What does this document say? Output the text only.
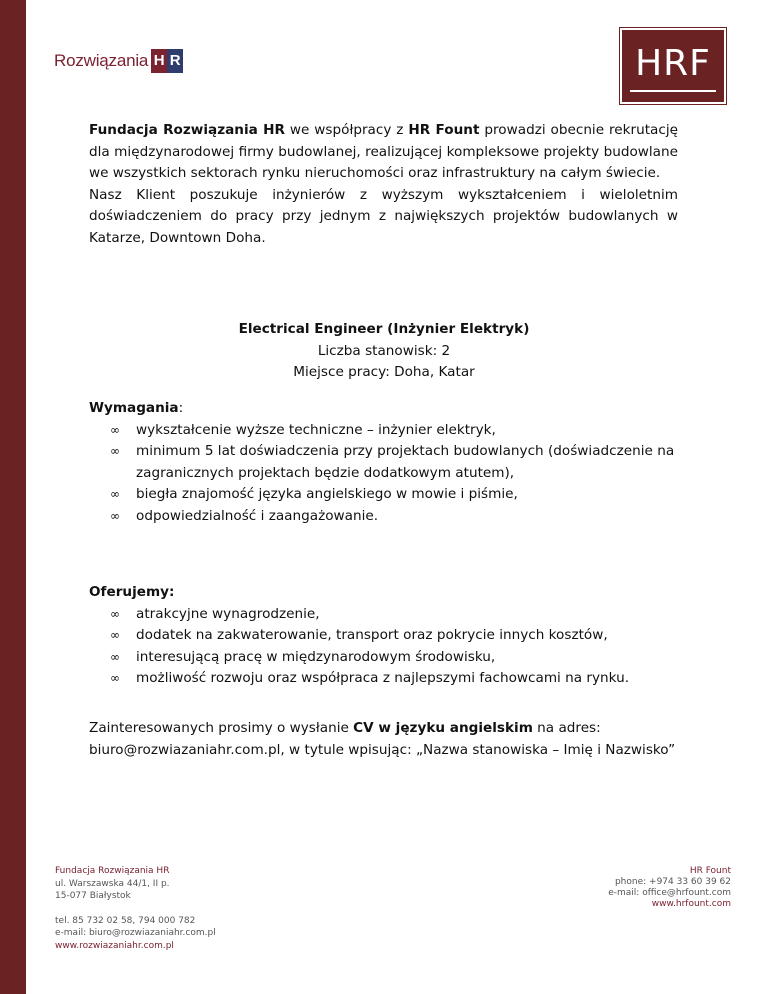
Rozwiązania H R	HRF

Fundacja Rozwiązania HR we współpracy z HR Fount prowadzi obecnie rekrutację dla międzynarodowej firmy budowlanej, realizującej kompleksowe projekty budowlane we wszystkich sektorach rynku nieruchomości oraz infrastruktury na całym świecie.

Nasz Klient poszukuje inżynierów z wyższym wykształceniem i wieloletnim doświadczeniem do pracy przy jednym z największych projektów budowlanych w Katarze, Downtown Doha.

Electrical Engineer (Inżynier Elektryk)
Liczba stanowisk: 2
Miejsce pracy: Doha, Katar
Wymagania:
∞ wykształcenie wyższe techniczne – inżynier elektryk,
∞ minimum 5 lat doświadczenia przy projektach budowlanych (doświadczenie na zagranicznych projektach będzie dodatkowym atutem),
∞ biegła znajomość języka angielskiego w mowie i piśmie,
∞ odpowiedzialność i zaangażowanie.
Oferujemy:
∞ atrakcyjne wynagrodzenie,
∞ dodatek na zakwaterowanie, transport oraz pokrycie innych kosztów,
∞ interesującą pracę w międzynarodowym środowisku,
∞ możliwość rozwoju oraz współpraca z najlepszymi fachowcami na rynku.
Zainteresowanych prosimy o wysłanie CV w języku angielskim na adres:
biuro@rozwiazaniahr.com.pl, w tytule wpisując: „Nazwa stanowiska – Imię i Nazwisko”
Fundacja Rozwiązania HR
ul. Warszawska 44/1, II p.
15-077 Białystok
tel. 85 732 02 58, 794 000 782
e-mail: biuro@rozwiazaniahr.com.pl
www.rozwiazaniahr.com.pl
HR Fount
phone: +974 33 60 39 62
e-mail: office@hrfount.com
www.hrfount.com
